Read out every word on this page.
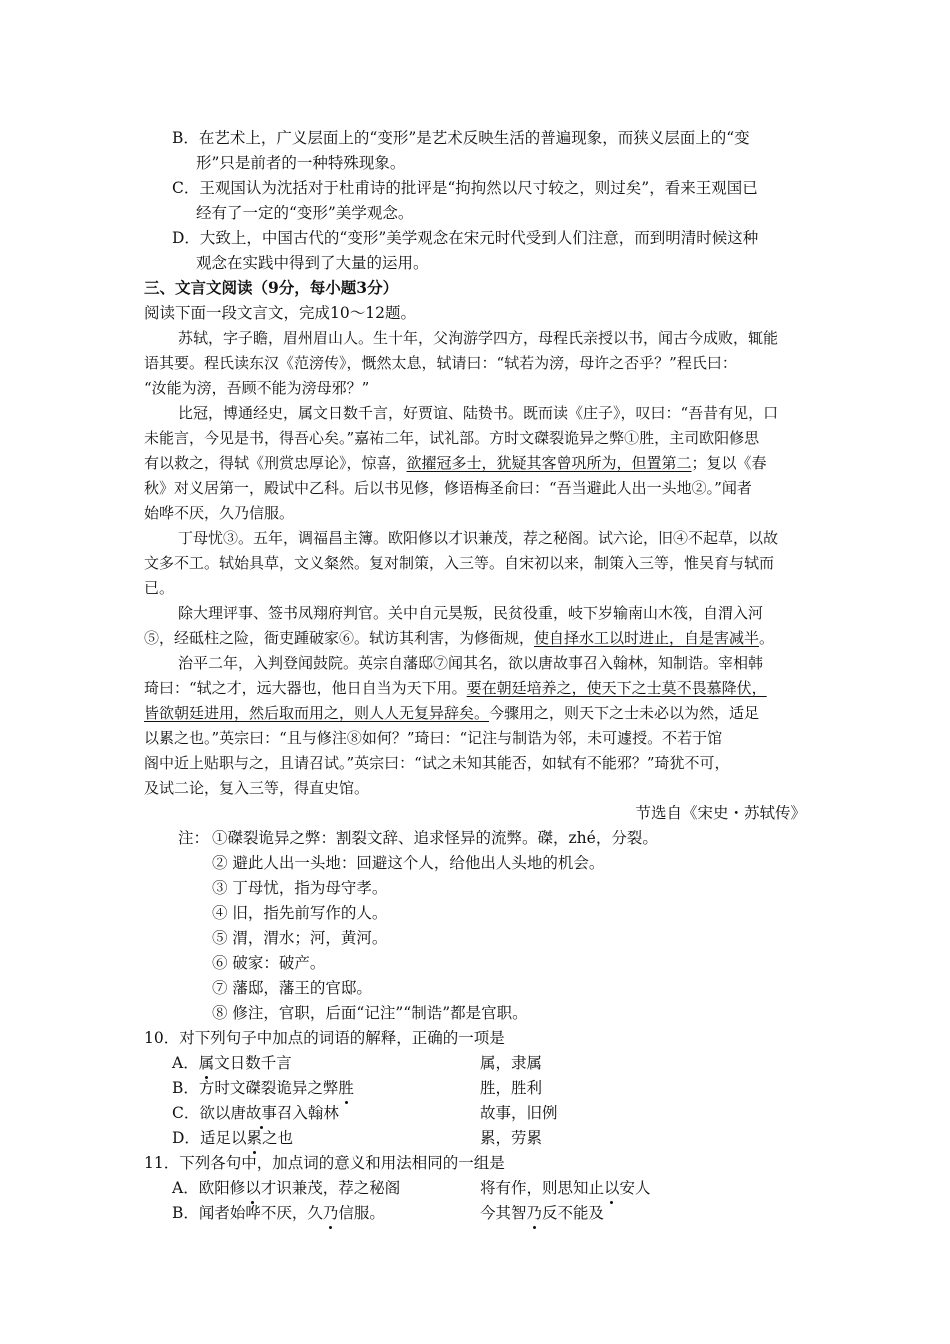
B．在艺术上，广义层面上的“变形”是艺术反映生活的普遍现象，而狭义层面上的“变
形”只是前者的一种特殊现象。
C．王观国认为沈括对于杜甫诗的批评是“拘拘然以尺寸较之，则过矣”，看来王观国已
经有了一定的“变形”美学观念。
D．大致上，中国古代的“变形”美学观念在宋元时代受到人们注意，而到明清时候这种
观念在实践中得到了大量的运用。
三、文言文阅读（9分，每小题3分）
阅读下面一段文言文，完成10～12题。
苏轼，字子瞻，眉州眉山人。生十年，父洵游学四方，母程氏亲授以书，闻古今成败，辄能
语其要。程氏读东汉《范滂传》，慨然太息，轼请曰：“轼若为滂，母许之否乎？”程氏曰：
“汝能为滂，吾顾不能为滂母邪？”
比冠，博通经史，属文日数千言，好贾谊、陆贽书。既而读《庄子》，叹曰：“吾昔有见，口
未能言，今见是书，得吾心矣。”嘉祐二年，试礼部。方时文磔裂诡异之弊①胜，主司欧阳修思
有以救之，得轼《刑赏忠厚论》，惊喜，欲擢冠多士，犹疑其客曾巩所为，但置第二；复以《春
秋》对义居第一，殿试中乙科。后以书见修，修语梅圣俞曰：“吾当避此人出一头地②。”闻者
始哗不厌，久乃信服。
丁母忧③。五年，调福昌主簿。欧阳修以才识兼茂，荐之秘阁。试六论，旧④不起草，以故
文多不工。轼始具草，文义粲然。复对制策，入三等。自宋初以来，制策入三等，惟吴育与轼而
已。
除大理评事、签书凤翔府判官。关中自元昊叛，民贫役重，岐下岁输南山木筏，自渭入河
⑤，经砥柱之险，衙吏踵破家⑥。轼访其利害，为修衙规，使自择水工以时进止，自是害减半。
治平二年，入判登闻鼓院。英宗自藩邸⑦闻其名，欲以唐故事召入翰林，知制诰。宰相韩
琦曰：“轼之才，远大器也，他日自当为天下用。要在朝廷培养之，使天下之士莫不畏慕降伏，
皆欲朝廷进用，然后取而用之，则人人无复异辞矣。今骤用之，则天下之士未必以为然，适足
以累之也。”英宗曰：“且与修注⑧如何？”琦曰：“记注与制诰为邻，未可遽授。不若于馆
阁中近上贴职与之，且请召试。”英宗曰：“试之未知其能否，如轼有不能邪？”琦犹不可，
及试二论，复入三等，得直史馆。
节选自《宋史・苏轼传》
注： ①磔裂诡异之弊：割裂文辞、追求怪异的流弊。磔，zhé，分裂。
② 避此人出一头地：回避这个人，给他出人头地的机会。
③ 丁母忧，指为母守孝。
④ 旧，指先前写作的人。
⑤ 渭，渭水；河，黄河。
⑥ 破家：破产。
⑦ 藩邸，藩王的官邸。
⑧ 修注，官职，后面“记注”“制诰”都是官职。
10．对下列句子中加点的词语的解释，正确的一项是
A．属文日数千言	属，隶属
B．方时文磔裂诡异之弊胜	胜，胜利
C．欲以唐故事召入翰林	故事，旧例
D．适足以累之也	累，劳累
11．下列各句中，加点词的意义和用法相同的一组是
A．欧阳修以才识兼茂，荐之秘阁	将有作，则思知止以安人
B．闻者始哗不厌，久乃信服。	今其智乃反不能及
